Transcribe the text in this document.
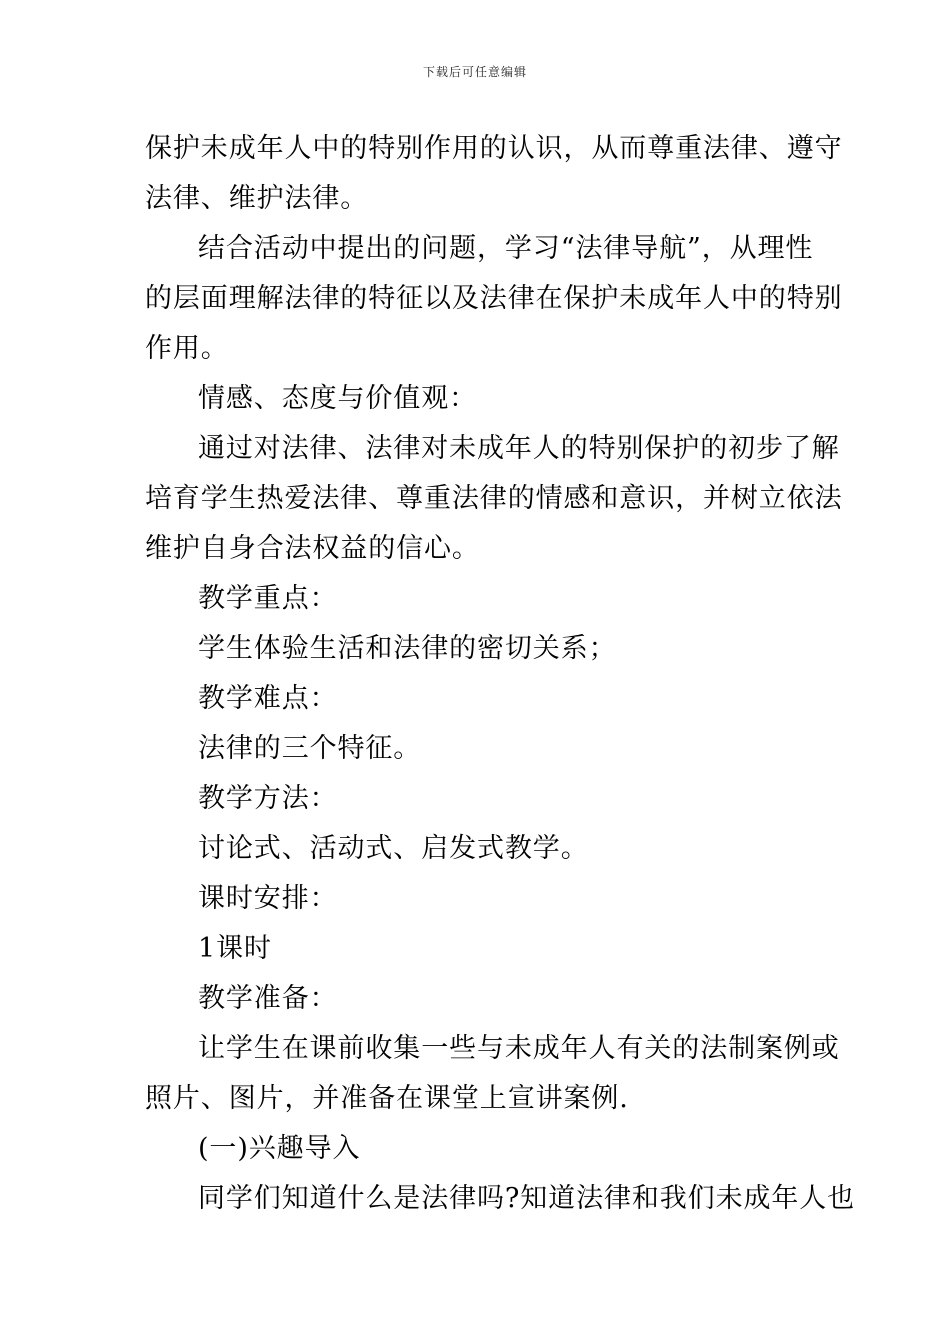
下载后可任意编辑
保护未成年人中的特别作用的认识，从而尊重法律、遵守
法律、维护法律。
结合活动中提出的问题，学习“法律导航”，从理性
的层面理解法律的特征以及法律在保护未成年人中的特别
作用。
情感、态度与价值观：
通过对法律、法律对未成年人的特别保护的初步了解
培育学生热爱法律、尊重法律的情感和意识，并树立依法
维护自身合法权益的信心。
教学重点：
学生体验生活和法律的密切关系；
教学难点：
法律的三个特征。
教学方法：
讨论式、活动式、启发式教学。
课时安排：
1课时
教学准备：
让学生在课前收集一些与未成年人有关的法制案例或
照片、图片，并准备在课堂上宣讲案例.
(一)兴趣导入
同学们知道什么是法律吗?知道法律和我们未成年人也
